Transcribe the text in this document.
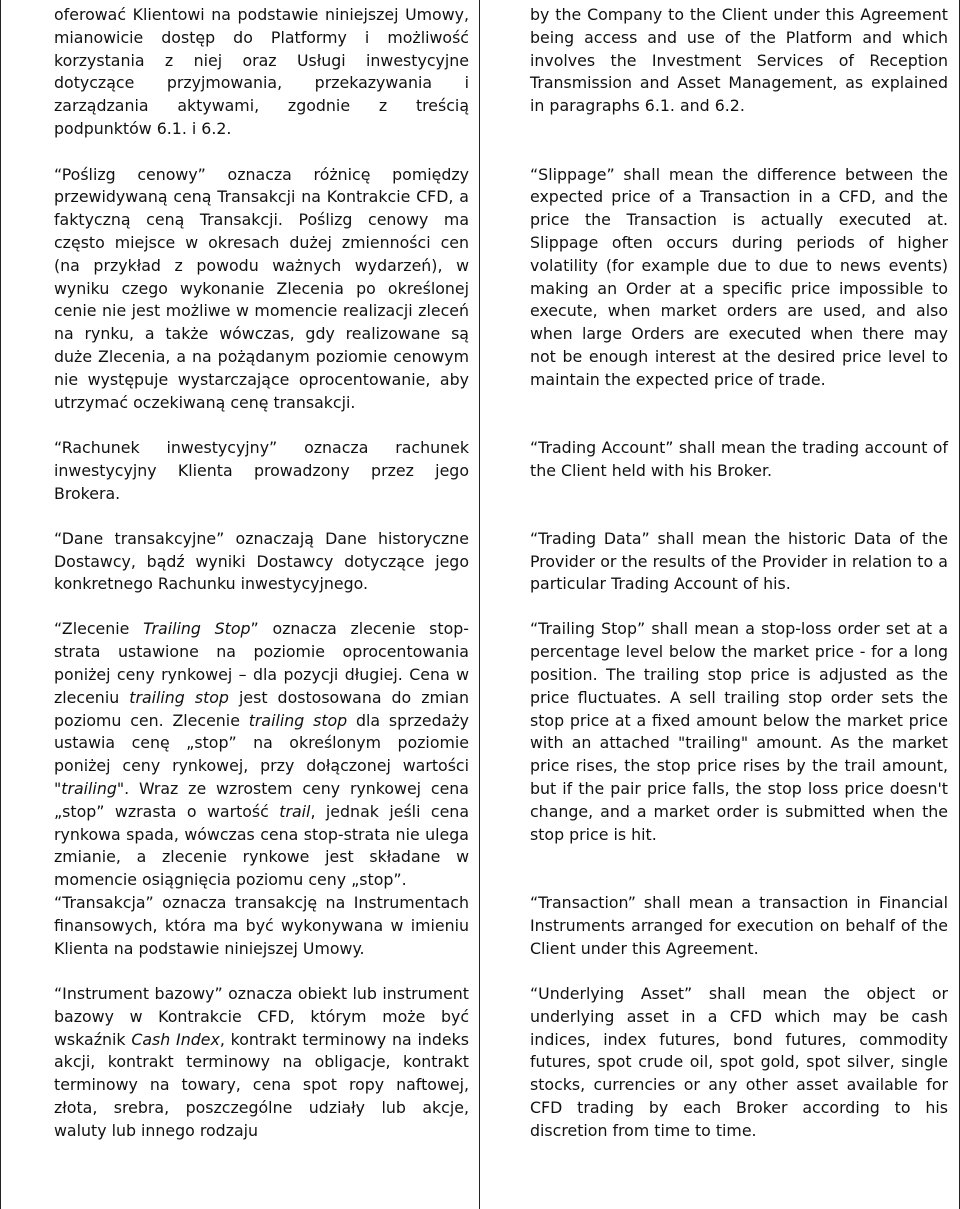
oferować Klientowi na podstawie niniejszej Umowy, mianowicie dostęp do Platformy i możliwość korzystania z niej oraz Usługi inwestycyjne dotyczące przyjmowania, przekazywania i zarządzania aktywami, zgodnie z treścią podpunktów 6.1. i 6.2.

“Poślizg cenowy” oznacza różnicę pomiędzy przewidywaną ceną Transakcji na Kontrakcie CFD, a faktyczną ceną Transakcji. Poślizg cenowy ma często miejsce w okresach dużej zmienności cen (na przykład z powodu ważnych wydarzeń), w wyniku czego wykonanie Zlecenia po określonej cenie nie jest możliwe w momencie realizacji zleceń na rynku, a także wówczas, gdy realizowane są duże Zlecenia, a na pożądanym poziomie cenowym nie występuje wystarczające oprocentowanie, aby utrzymać oczekiwaną cenę transakcji.

“Rachunek inwestycyjny” oznacza rachunek inwestycyjny Klienta prowadzony przez jego Brokera.

“Dane transakcyjne” oznaczają Dane historyczne Dostawcy, bądź wyniki Dostawcy dotyczące jego konkretnego Rachunku inwestycyjnego.

“Zlecenie Trailing Stop” oznacza zlecenie stop-strata ustawione na poziomie oprocentowania poniżej ceny rynkowej – dla pozycji długiej. Cena w zleceniu trailing stop jest dostosowana do zmian poziomu cen. Zlecenie trailing stop dla sprzedaży ustawia cenę „stop” na określonym poziomie poniżej ceny rynkowej, przy dołączonej wartości "trailing". Wraz ze wzrostem ceny rynkowej cena „stop” wzrasta o wartość trail, jednak jeśli cena rynkowa spada, wówczas cena stop-strata nie ulega zmianie, a zlecenie rynkowe jest składane w momencie osiągnięcia poziomu ceny „stop”.

“Transakcja” oznacza transakcję na Instrumentach finansowych, która ma być wykonywana w imieniu Klienta na podstawie niniejszej Umowy.

“Instrument bazowy” oznacza obiekt lub instrument bazowy w Kontrakcie CFD, którym może być wskaźnik Cash Index, kontrakt terminowy na indeks akcji, kontrakt terminowy na obligacje, kontrakt terminowy na towary, cena spot ropy naftowej, złota, srebra, poszczególne udziały lub akcje, waluty lub innego rodzaju

by the Company to the Client under this Agreement being access and use of the Platform and which involves the Investment Services of Reception Transmission and Asset Management, as explained in paragraphs 6.1. and 6.2.

“Slippage” shall mean the difference between the expected price of a Transaction in a CFD, and the price the Transaction is actually executed at. Slippage often occurs during periods of higher volatility (for example due to due to news events) making an Order at a specific price impossible to execute, when market orders are used, and also when large Orders are executed when there may not be enough interest at the desired price level to maintain the expected price of trade.

“Trading Account” shall mean the trading account of the Client held with his Broker.

“Trading Data” shall mean the historic Data of the Provider or the results of the Provider in relation to a particular Trading Account of his.

“Trailing Stop” shall mean a stop-loss order set at a percentage level below the market price - for a long position. The trailing stop price is adjusted as the price fluctuates. A sell trailing stop order sets the stop price at a fixed amount below the market price with an attached "trailing" amount. As the market price rises, the stop price rises by the trail amount, but if the pair price falls, the stop loss price doesn't change, and a market order is submitted when the stop price is hit.

“Transaction” shall mean a transaction in Financial Instruments arranged for execution on behalf of the Client under this Agreement.

“Underlying Asset” shall mean the object or underlying asset in a CFD which may be cash indices, index futures, bond futures, commodity futures, spot crude oil, spot gold, spot silver, single stocks, currencies or any other asset available for CFD trading by each Broker according to his discretion from time to time.
